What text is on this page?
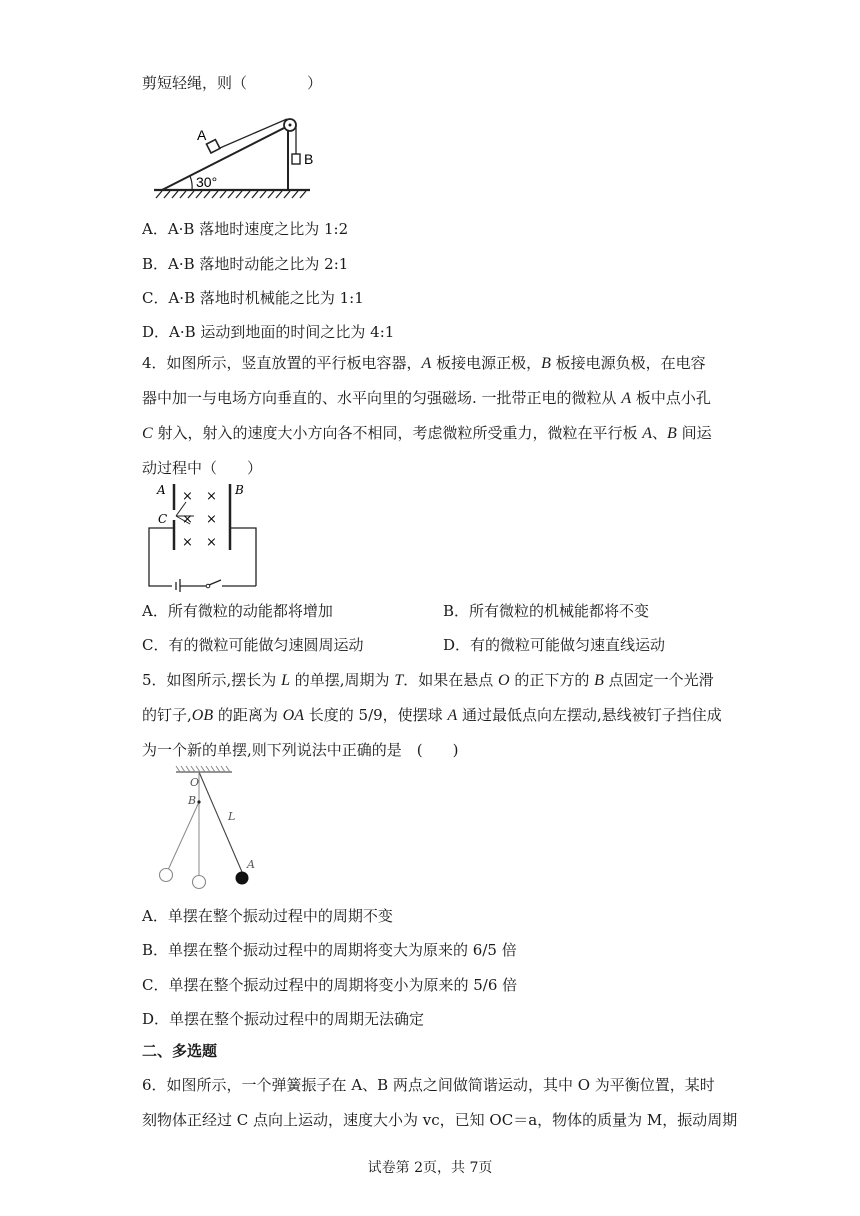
剪短轻绳，则（　　　　）
A
B
30°
A．A·B 落地时速度之比为 1:2
B．A·B 落地时动能之比为 2:1
C．A·B 落地时机械能之比为 1:1
D．A·B 运动到地面的时间之比为 4:1
4．如图所示，竖直放置的平行板电容器，A 板接电源正极，B 板接电源负极，在电容
器中加一与电场方向垂直的、水平向里的匀强磁场. 一批带正电的微粒从 A 板中点小孔
C 射入，射入的速度大小方向各不相同，考虑微粒所受重力，微粒在平行板 A、B 间运
动过程中（　　）
× ×
× ×
× ×
A	B
C
A．所有微粒的动能都将增加	B．所有微粒的机械能都将不变
C．有的微粒可能做匀速圆周运动	D．有的微粒可能做匀速直线运动
5．如图所示,摆长为 L 的单摆,周期为 T．如果在悬点 O 的正下方的 B 点固定一个光滑
的钉子,OB 的距离为 OA 长度的 5/9，使摆球 A 通过最低点向左摆动,悬线被钉子挡住成
为一个新的单摆,则下列说法中正确的是　(　　)
O
B
L
A
A．单摆在整个振动过程中的周期不变
B．单摆在整个振动过程中的周期将变大为原来的 6/5 倍
C．单摆在整个振动过程中的周期将变小为原来的 5/6 倍
D．单摆在整个振动过程中的周期无法确定
二、多选题
6．如图所示，一个弹簧振子在 A、B 两点之间做简谐运动，其中 O 为平衡位置，某时
刻物体正经过 C 点向上运动，速度大小为 vc，已知 OC＝a，物体的质量为 M，振动周期
试卷第 2页，共 7页
